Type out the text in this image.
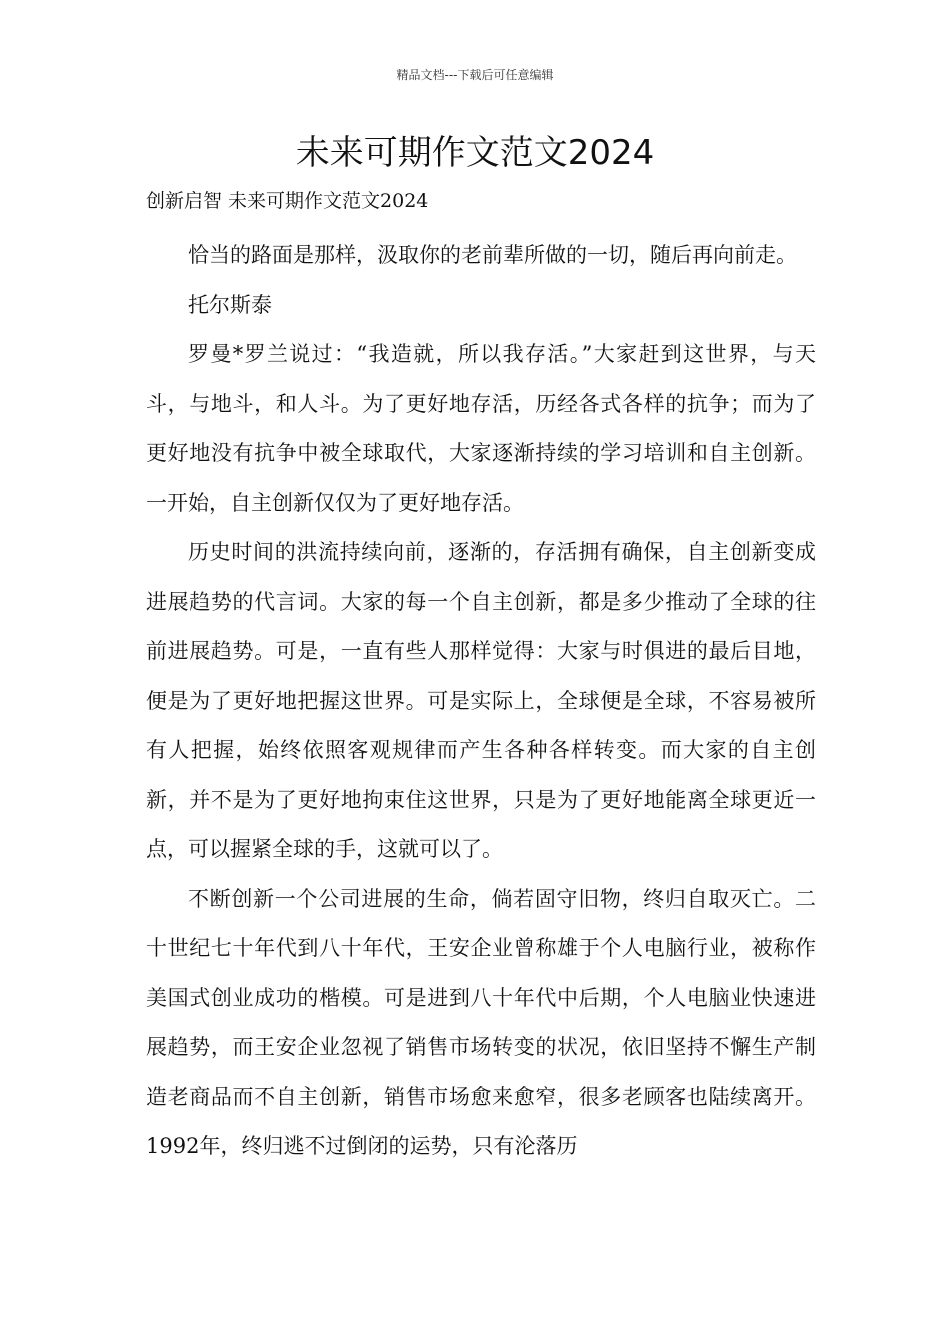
精品文档---下载后可任意编辑
未来可期作文范文2024

创新启智 未来可期作文范文2024

恰当的路面是那样，汲取你的老前辈所做的一切，随后再向前走。

托尔斯泰

罗曼*罗兰说过：“我造就，所以我存活。”大家赶到这世界，与天斗，与地斗，和人斗。为了更好地存活，历经各式各样的抗争；而为了更好地没有抗争中被全球取代，大家逐渐持续的学习培训和自主创新。一开始，自主创新仅仅为了更好地存活。

历史时间的洪流持续向前，逐渐的，存活拥有确保，自主创新变成进展趋势的代言词。大家的每一个自主创新，都是多少推动了全球的往前进展趋势。可是，一直有些人那样觉得：大家与时俱进的最后目地，便是为了更好地把握这世界。可是实际上，全球便是全球，不容易被所有人把握，始终依照客观规律而产生各种各样转变。而大家的自主创新，并不是为了更好地拘束住这世界，只是为了更好地能离全球更近一点，可以握紧全球的手，这就可以了。

不断创新一个公司进展的生命，倘若固守旧物，终归自取灭亡。二十世纪七十年代到八十年代，王安企业曾称雄于个人电脑行业，被称作美国式创业成功的楷模。可是进到八十年代中后期，个人电脑业快速进展趋势，而王安企业忽视了销售市场转变的状况，依旧坚持不懈生产制造老商品而不自主创新，销售市场愈来愈窄，很多老顾客也陆续离开。1992年，终归逃不过倒闭的运势，只有沦落历
